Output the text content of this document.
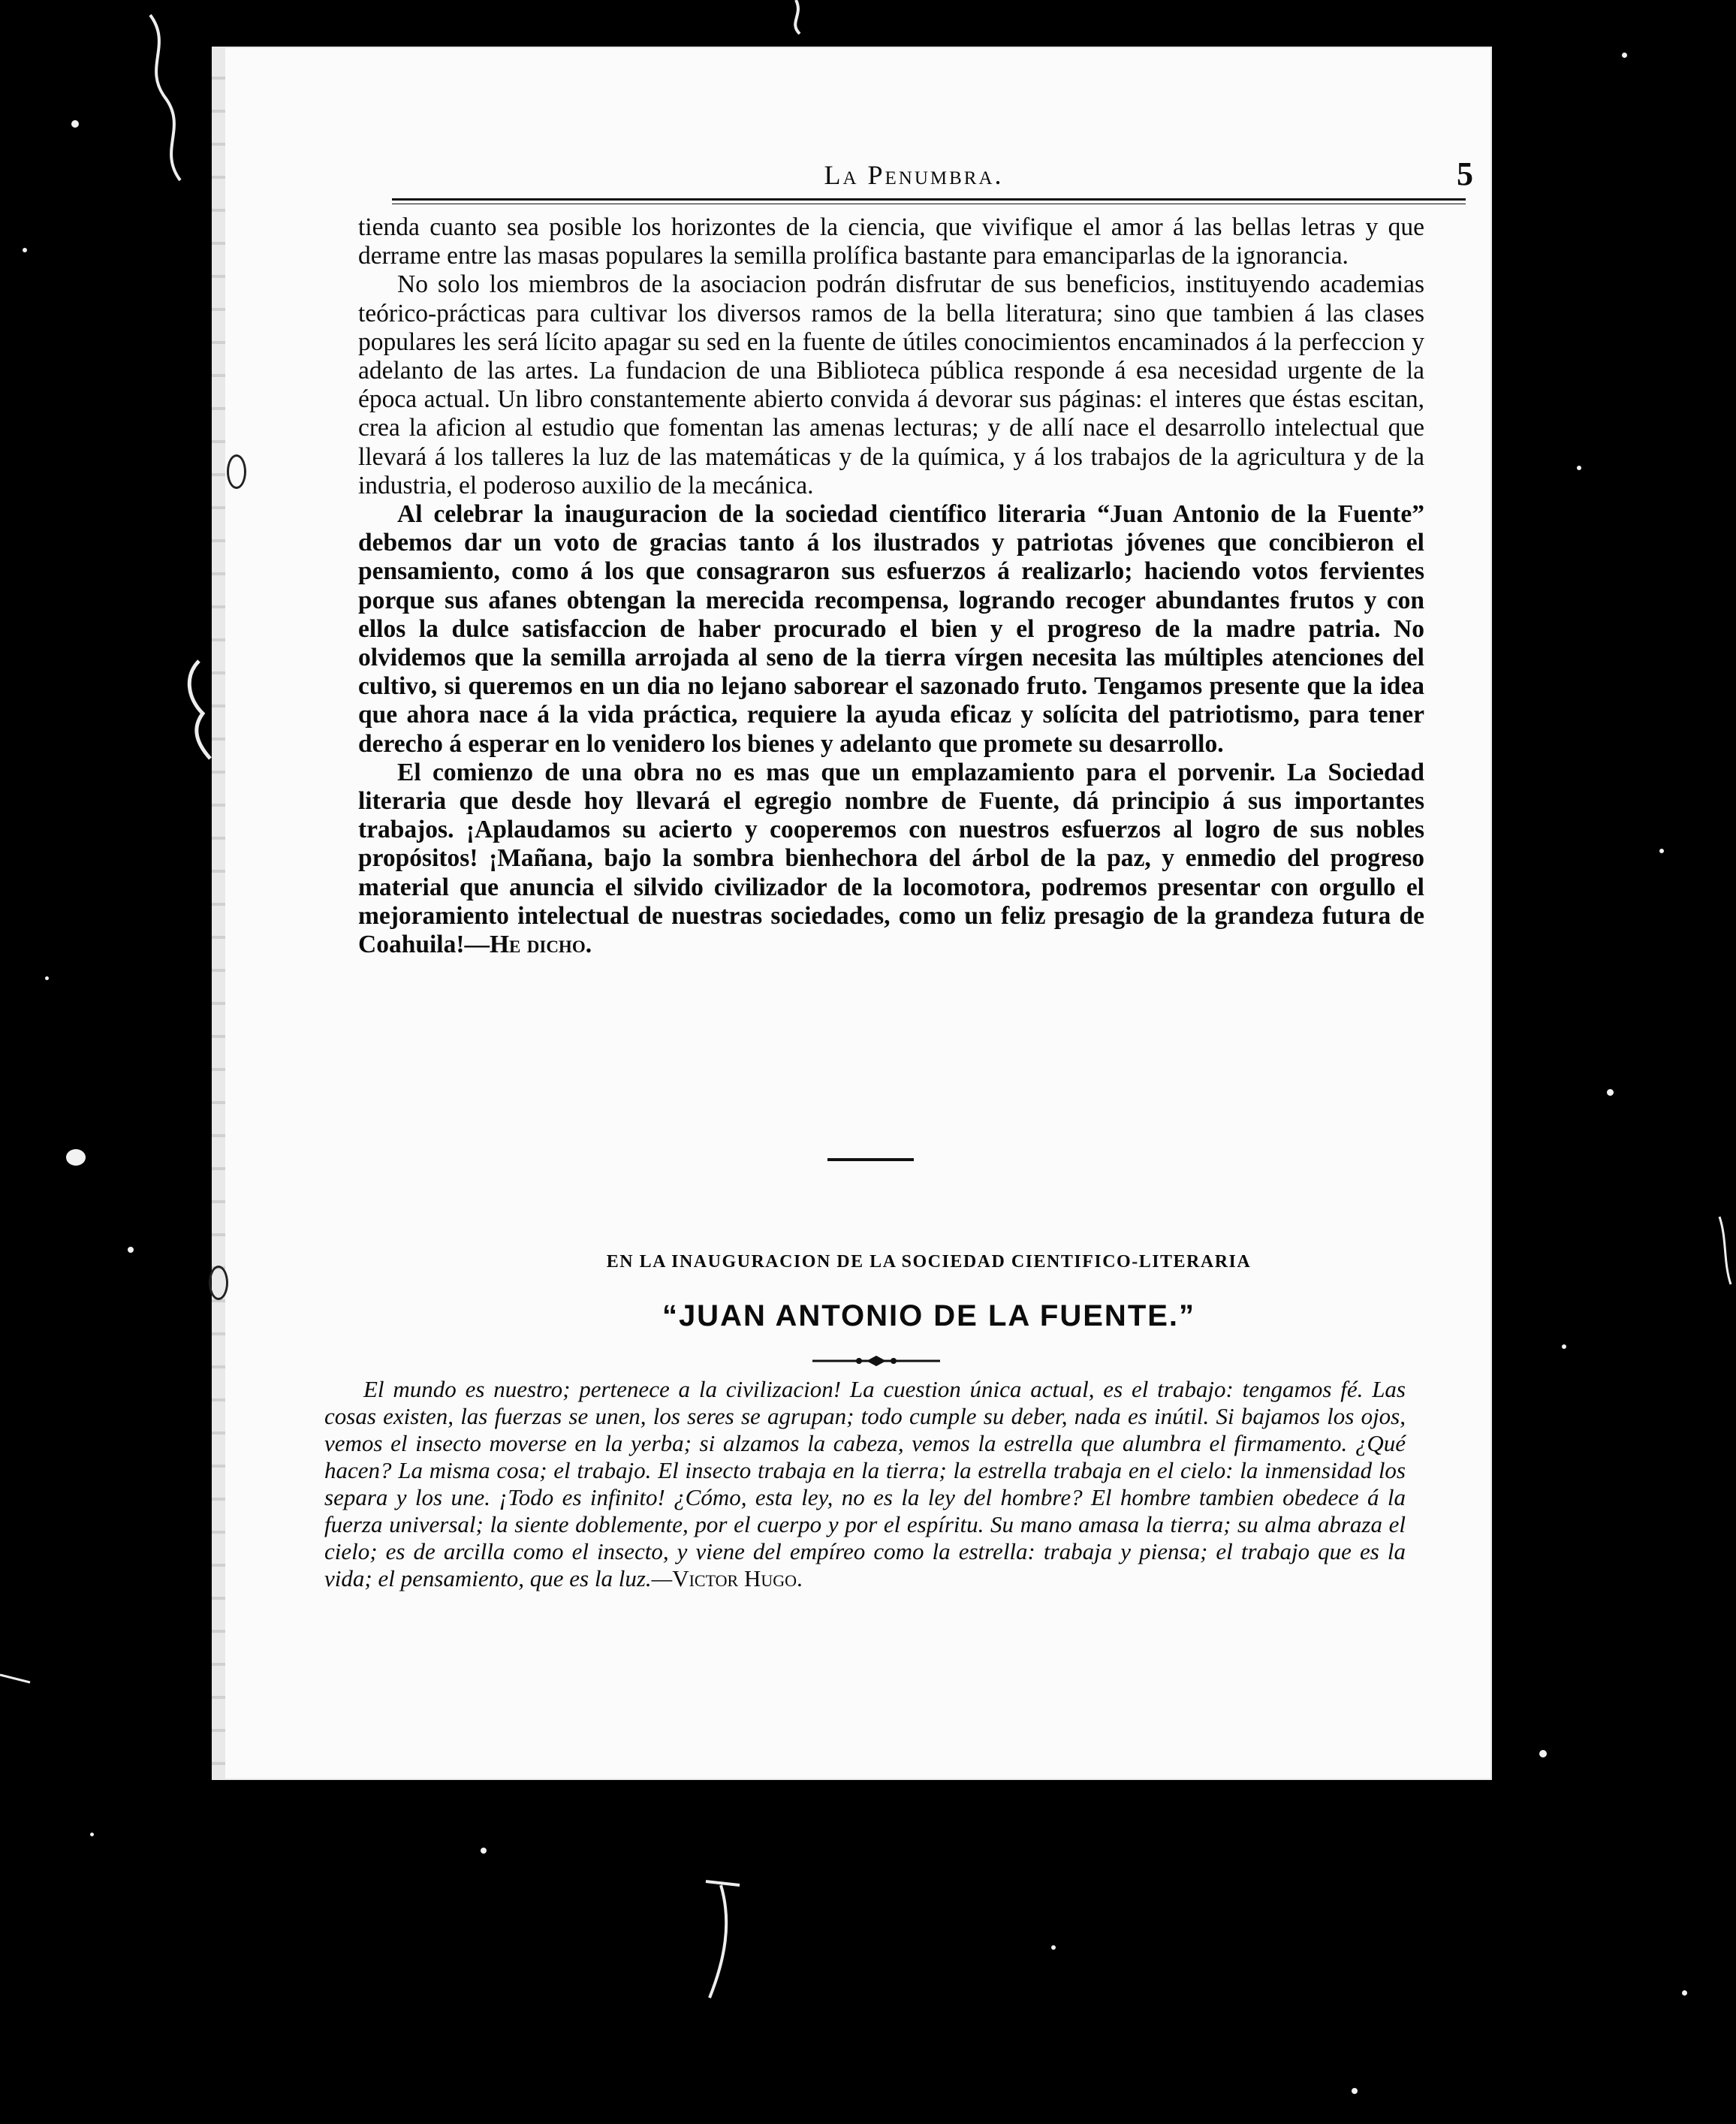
La Penumbra.	5

tienda cuanto sea posible los horizontes de la ciencia, que vivifique el amor á las bellas letras y que derrame entre las masas populares la semilla prolífica bastante para emanciparlas de la ignorancia.

No solo los miembros de la asociacion podrán disfrutar de sus beneficios, instituyendo academias teórico-prácticas para cultivar los diversos ramos de la bella literatura; sino que tambien á las clases populares les será lícito apagar su sed en la fuente de útiles conocimientos encaminados á la perfeccion y adelanto de las artes. La fundacion de una Biblioteca pública responde á esa necesidad urgente de la época actual. Un libro constantemente abierto convida á devorar sus páginas: el interes que éstas escitan, crea la aficion al estudio que fomentan las amenas lecturas; y de allí nace el desarrollo intelectual que llevará á los talleres la luz de las matemáticas y de la química, y á los trabajos de la agricultura y de la industria, el poderoso auxilio de la mecánica.

Al celebrar la inauguracion de la sociedad científico literaria “Juan Antonio de la Fuente” debemos dar un voto de gracias tanto á los ilustrados y patriotas jóvenes que concibieron el pensamiento, como á los que consagraron sus esfuerzos á realizarlo; haciendo votos fervientes porque sus afanes obtengan la merecida recompensa, logrando recoger abundantes frutos y con ellos la dulce satisfaccion de haber procurado el bien y el progreso de la madre patria. No olvidemos que la semilla arrojada al seno de la tierra vírgen necesita las múltiples atenciones del cultivo, si queremos en un dia no lejano saborear el sazonado fruto. Tengamos presente que la idea que ahora nace á la vida práctica, requiere la ayuda eficaz y solícita del patriotismo, para tener derecho á esperar en lo venidero los bienes y adelanto que promete su desarrollo.

El comienzo de una obra no es mas que un emplazamiento para el porvenir. La Sociedad literaria que desde hoy llevará el egregio nombre de Fuente, dá principio á sus importantes trabajos. ¡Aplaudamos su acierto y cooperemos con nuestros esfuerzos al logro de sus nobles propósitos! ¡Mañana, bajo la sombra bienhechora del árbol de la paz, y enmedio del progreso material que anuncia el silvido civilizador de la locomotora, podremos presentar con orgullo el mejoramiento intelectual de nuestras sociedades, como un feliz presagio de la grandeza futura de Coahuila!—He dicho.

EN LA INAUGURACION DE LA SOCIEDAD CIENTIFICO-LITERARIA
“JUAN ANTONIO DE LA FUENTE.”

El mundo es nuestro; pertenece a la civilizacion! La cuestion única actual, es el trabajo: tengamos fé. Las cosas existen, las fuerzas se unen, los seres se agrupan; todo cumple su deber, nada es inútil. Si bajamos los ojos, vemos el insecto moverse en la yerba; si alzamos la cabeza, vemos la estrella que alumbra el firmamento. ¿Qué hacen? La misma cosa; el trabajo. El insecto trabaja en la tierra; la estrella trabaja en el cielo: la inmensidad los separa y los une. ¡Todo es infinito! ¿Cómo, esta ley, no es la ley del hombre? El hombre tambien obedece á la fuerza universal; la siente doblemente, por el cuerpo y por el espíritu. Su mano amasa la tierra; su alma abraza el cielo; es de arcilla como el insecto, y viene del empíreo como la estrella: trabaja y piensa; el trabajo que es la vida; el pensamiento, que es la luz.—Victor Hugo.
